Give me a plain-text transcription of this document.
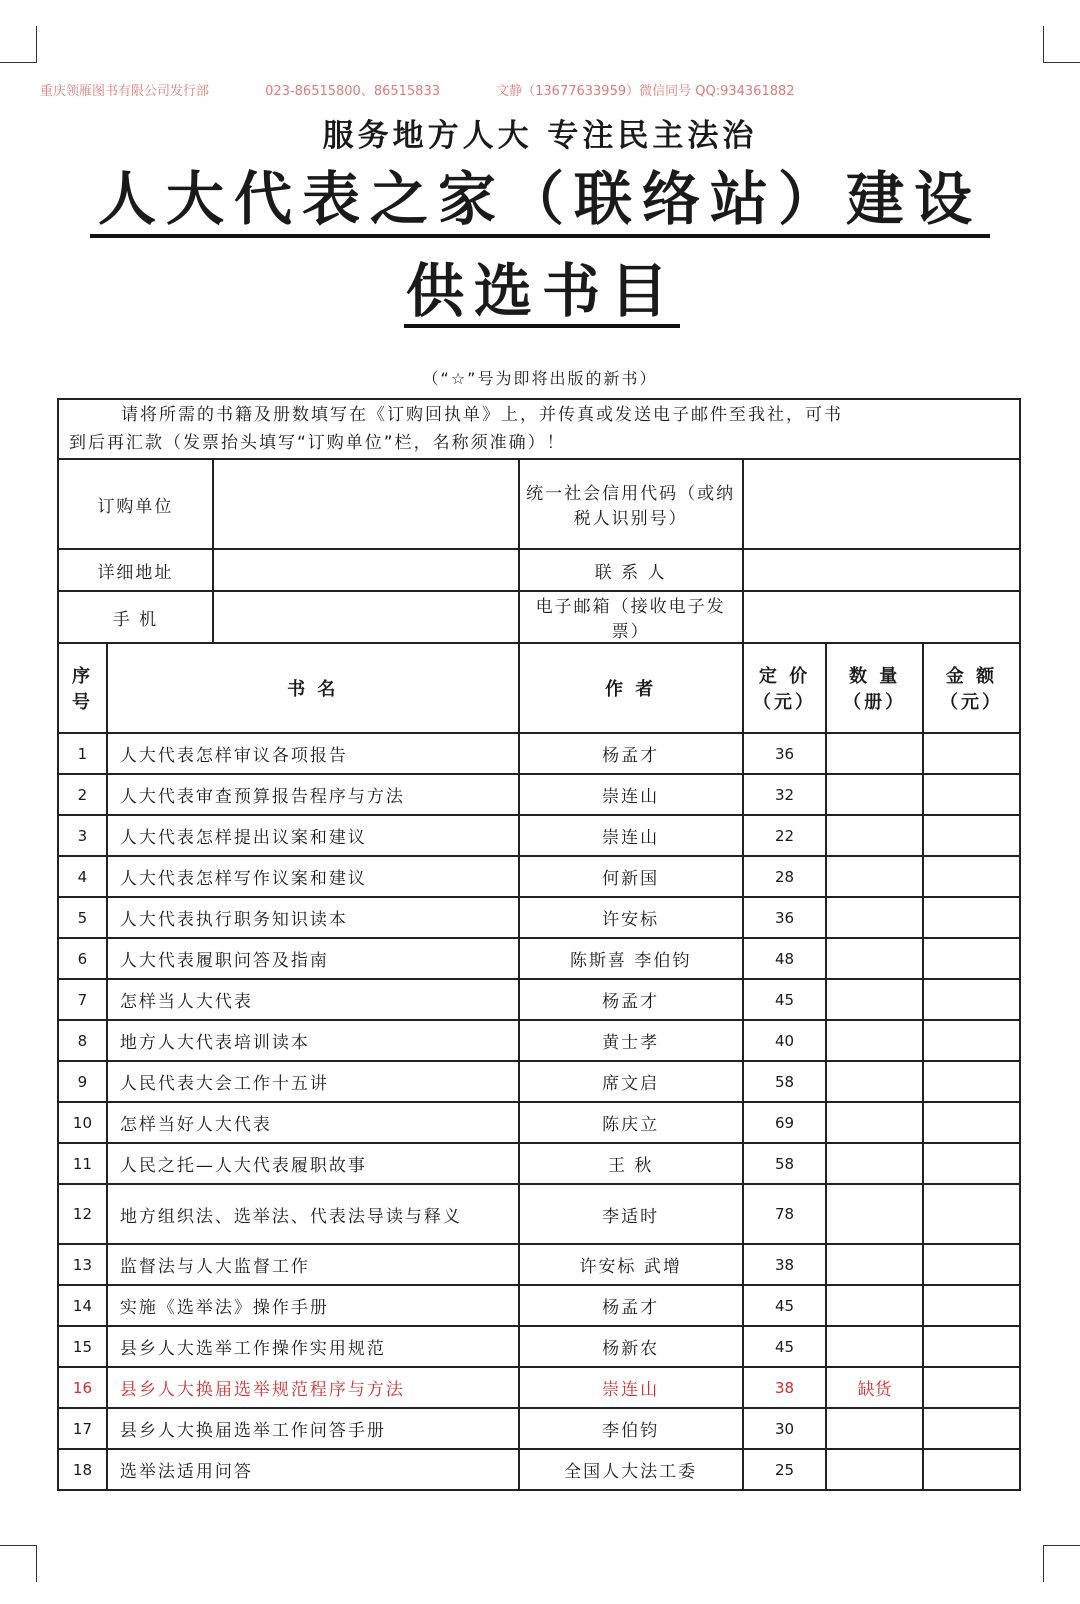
重庆领雁图书有限公司发行部	023-86515800、86515833	文静（13677633959）微信同号 QQ:934361882
服务地方人大 专注民主法治
人大代表之家（联络站）建设
供选书目
（“☆”号为即将出版的新书）
请将所需的书籍及册数填写在《订购回执单》上，并传真或发送电子邮件至我社，可书
到后再汇款（发票抬头填写“订购单位”栏，名称须准确）！						

订购单位			统一社会信用代码（或纳税人识别号）			
详细地址			联 系 人			
手 机			电子邮箱（接收电子发票）			
序号	书 名		作 者	定 价（元）	数 量（册）	金 额（元）
1	人大代表怎样审议各项报告		杨孟才	36		
2	人大代表审查预算报告程序与方法		崇连山	32		
3	人大代表怎样提出议案和建议		崇连山	22		
4	人大代表怎样写作议案和建议		何新国	28		
5	人大代表执行职务知识读本		许安标	36		
6	人大代表履职问答及指南		陈斯喜 李伯钧	48		
7	怎样当人大代表		杨孟才	45		
8	地方人大代表培训读本		黄士孝	40		
9	人民代表大会工作十五讲		席文启	58		
10	怎样当好人大代表		陈庆立	69		
11	人民之托—人大代表履职故事		王 秋	58		
12	地方组织法、选举法、代表法导读与释义		李适时	78		
13	监督法与人大监督工作		许安标 武增	38		
14	实施《选举法》操作手册		杨孟才	45		
15	县乡人大选举工作操作实用规范		杨新农	45		
16	县乡人大换届选举规范程序与方法		崇连山	38	缺货	
17	县乡人大换届选举工作问答手册		李伯钧	30		
18	选举法适用问答		全国人大法工委	25		
